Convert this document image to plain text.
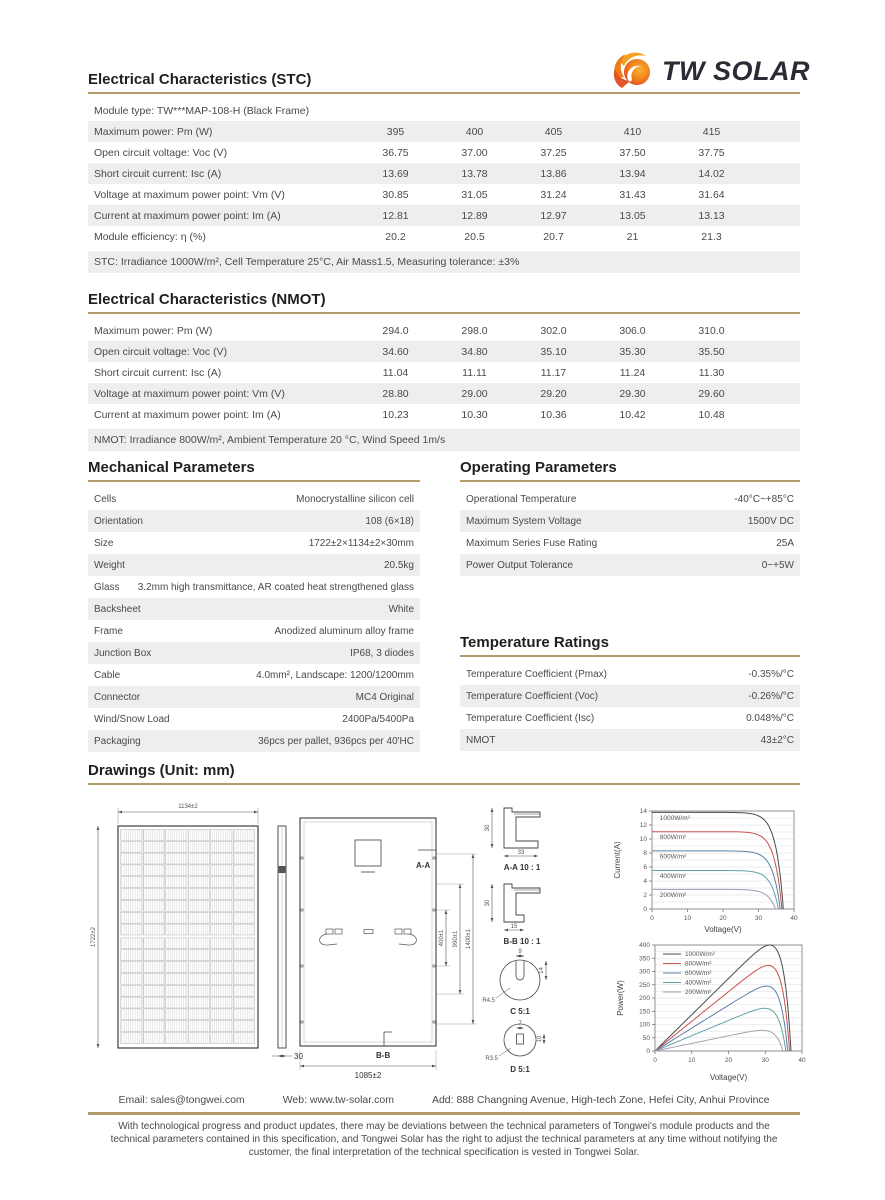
TW SOLAR
Electrical Characteristics (STC)
Module type: TW***MAP-108-H (Black Frame)
Maximum power: Pm (W)	395	400	405	410	415
Open circuit voltage: Voc (V)	36.75	37.00	37.25	37.50	37.75
Short circuit current: Isc (A)	13.69	13.78	13.86	13.94	14.02
Voltage at maximum power point: Vm (V)	30.85	31.05	31.24	31.43	31.64
Current at maximum power point: Im (A)	12.81	12.89	12.97	13.05	13.13
Module efficiency: η (%)	20.2	20.5	20.7	21	21.3
STC: Irradiance 1000W/m², Cell Temperature 25°C, Air Mass1.5, Measuring tolerance: ±3%
Electrical Characteristics (NMOT)
Maximum power: Pm (W)	294.0	298.0	302.0	306.0	310.0
Open circuit voltage: Voc (V)	34.60	34.80	35.10	35.30	35.50
Short circuit current: Isc (A)	11.04	11.11	11.17	11.24	11.30
Voltage at maximum power point: Vm (V)	28.80	29.00	29.20	29.30	29.60
Current at maximum power point: Im (A)	10.23	10.30	10.36	10.42	10.48
NMOT: Irradiance 800W/m², Ambient Temperature 20 °C, Wind Speed 1m/s
Mechanical Parameters
Cells	Monocrystalline silicon cell
Orientation	108 (6×18)
Size	1722±2×1134±2×30mm
Weight	20.5kg
Glass 3.2mm high transmittance, AR coated heat strengthened glass
Backsheet	White
Frame	Anodized aluminum alloy frame
Junction Box	IP68, 3 diodes
Cable	4.0mm², Landscape: 1200/1200mm
Connector	MC4 Original
Wind/Snow Load	2400Pa/5400Pa
Packaging	36pcs per pallet, 936pcs per 40'HC
Operating Parameters
Operational Temperature	-40°C~+85°C
Maximum System Voltage	1500V DC
Maximum Series Fuse Rating	25A
Power Output Tolerance	0~+5W
Temperature Ratings
Temperature Coefficient (Pmax)	-0.35%/°C
Temperature Coefficient (Voc)	-0.26%/°C
Temperature Coefficient (Isc)	0.048%/°C
NMOT	43±2°C
Drawings (Unit: mm)
1134±2
1722±2
30
A-A
400±1 990±1 1400±1
B-B
1085±2
30
33
A-A 10 : 1
30
15
B-B 10 : 1
9
14
R4.5
C 5:1
7
10
R3.5
D 5:1
0	10	20	30	40
0
2
4
6
8
10
12
14
Voltage(V)
Current(A)
1000W/m²
800W/m²
600W/m²
400W/m²
200W/m²
0	10	20	30	40
0
50
100
150
200
250
300
350
400
Voltage(V)
Power(W)
1000W/m²
800W/m²
600W/m²
400W/m²
200W/m²
Email: sales@tongwei.com	Web: www.tw-solar.com	Add: 888 Changning Avenue, High-tech Zone, Hefei City, Anhui Province
With technological progress and product updates, there may be deviations between the technical parameters of Tongwei's module products and the technical parameters contained in this specification, and Tongwei Solar has the right to adjust the technical parameters at any time without notifying the customer, the final interpretation of the technical specification is vested in Tongwei Solar.
